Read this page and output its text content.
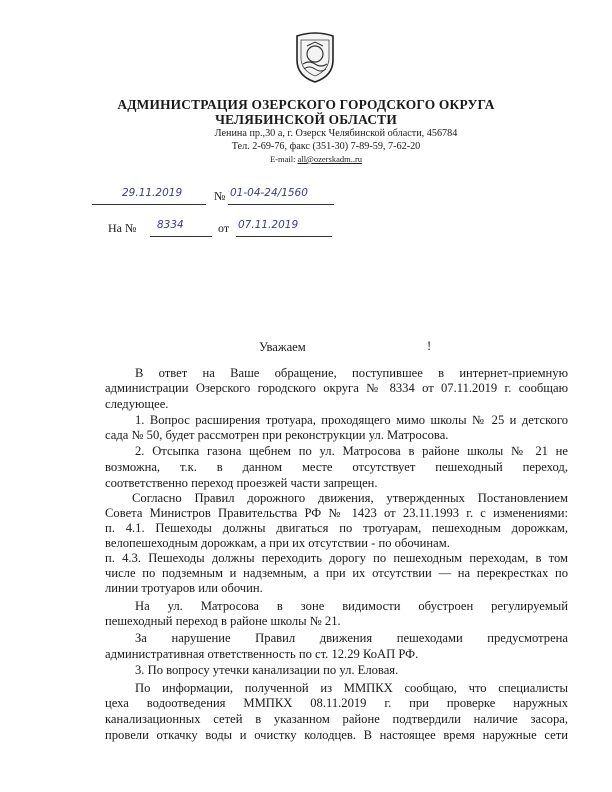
АДМИНИСТРАЦИЯ ОЗЕРСКОГО ГОРОДСКОГО ОКРУГА
ЧЕЛЯБИНСКОЙ ОБЛАСТИ
Ленина пр.,30 а, г. Озерск Челябинской области, 456784
Тел. 2-69-76, факс (351-30) 7-89-59, 7-62-20
E-mail: all@ozerskadm..ru
29.11.2019	№ 01-04-24/1560
На № 8334	от 07.11.2019
Уважаем	!
В ответ на Ваше обращение, поступившее в интернет-приемную
администрации Озерского городского округа № 8334 от 07.11.2019 г. сообщаю
следующее.
1. Вопрос расширения тротуара, проходящего мимо школы № 25 и детского
сада № 50, будет рассмотрен при реконструкции ул. Матросова.
2. Отсыпка газона щебнем по ул. Матросова в районе школы № 21 не
возможна, т.к. в данном месте отсутствует пешеходный переход,
соответственно переход проезжей части запрещен.
Согласно Правил дорожного движения, утвержденных Постановлением
Совета Министров Правительства РФ № 1423 от 23.11.1993 г. с изменениями:
п. 4.1. Пешеходы должны двигаться по тротуарам, пешеходным дорожкам,
велопешеходным дорожкам, а при их отсутствии - по обочинам.
п. 4.3. Пешеходы должны переходить дорогу по пешеходным переходам, в том
числе по подземным и надземным, а при их отсутствии — на перекрестках по
линии тротуаров или обочин.
На ул. Матросова в зоне видимости обустроен регулируемый
пешеходный переход в районе школы № 21.
За нарушение Правил движения пешеходами предусмотрена
административная ответственность по ст. 12.29 КоАП РФ.
3. По вопросу утечки канализации по ул. Еловая.
По информации, полученной из ММПКХ сообщаю, что специалисты
цеха водоотведения ММПКХ 08.11.2019 г. при проверке наружных
канализационных сетей в указанном районе подтвердили наличие засора,
провели откачку воды и очистку колодцев. В настоящее время наружные сети
